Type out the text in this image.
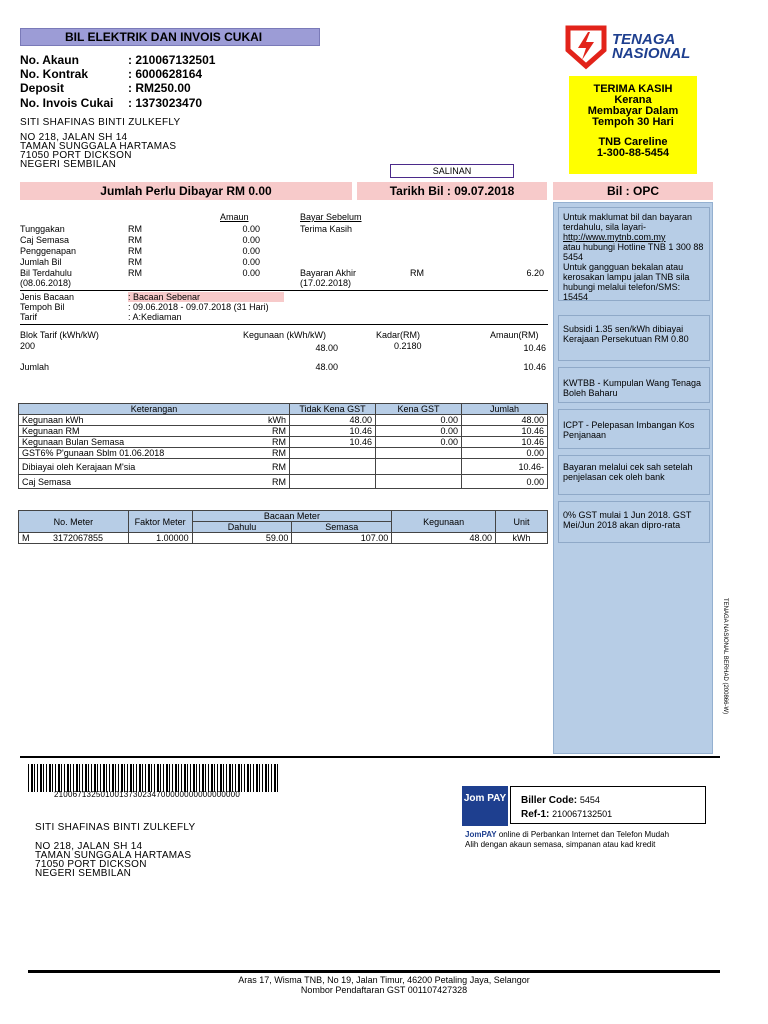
BIL ELEKTRIK DAN INVOIS CUKAI
No. Akaun	: 210067132501
No. Kontrak	: 6000628164
Deposit	: RM250.00
No. Invois Cukai : 1373023470
SITI SHAFINAS BINTI ZULKEFLY
NO 218, JALAN SH 14
TAMAN SUNGGALA HARTAMAS
71050 PORT DICKSON
NEGERI SEMBILAN
TENAGA
NASIONAL
TERIMA KASIH
Kerana
Membayar Dalam
Tempoh 30 Hari
TNB Careline
1-300-88-5454
SALINAN
Jumlah Perlu Dibayar RM 0.00	Tarikh Bil : 09.07.2018	Bil : OPC
Amaun	Bayar Sebelum
Terima Kasih
Tunggakan	RM	0.00
Caj Semasa	RM	0.00
Penggenapan	RM	0.00
Jumlah Bil	RM	0.00
Bil Terdahulu	RM	0.00
(08.06.2018)
Bayaran Akhir	RM	6.20
(17.02.2018)
Jenis Bacaan	: Bacaan Sebenar
Tempoh Bil	: 09.06.2018 - 09.07.2018 (31 Hari)
Tarif	: A:Kediaman
Blok Tarif (kWh/kW)	Kegunaan (kWh/kW)	Kadar(RM)	Amaun(RM)
200	48.00	0.2180	10.46
Jumlah	48.00	10.46
Keterangan		Tidak Kena GST	Kena GST	Jumlah
Kegunaan kWh	kWh	48.00	0.00	48.00
Kegunaan RM	RM	10.46	0.00	10.46
Kegunaan Bulan Semasa	RM	10.46	0.00	10.46
GST6% P'gunaan Sblm 01.06.2018	RM			0.00
Dibiayai oleh Kerajaan M'sia	RM			10.46-
Caj Semasa	RM			0.00
No. Meter	Faktor Meter	Bacaan Meter		Kegunaan	Unit
		Dahulu	Semasa		
M 3172067855	1.00000	59.00	107.00	48.00	kWh
Untuk maklumat bil dan bayaran terdahulu, sila layari-
http://www.mytnb.com.my
atau hubungi Hotline TNB 1 300 88 5454
Untuk gangguan bekalan atau kerosakan lampu jalan TNB sila hubungi melalui telefon/SMS: 15454
Subsidi 1.35 sen/kWh dibiayai Kerajaan Persekutuan RM 0.80
KWTBB - Kumpulan Wang Tenaga Boleh Baharu
ICPT - Pelepasan Imbangan Kos Penjanaan
Bayaran melalui cek sah setelah penjelasan cek oleh bank
0% GST mulai 1 Jun 2018. GST Mei/Jun 2018 akan dipro-rata
TENAGA NASIONAL BERHAD (200866-W)
2100671325010013730234700000000000000000
SITI SHAFINAS BINTI ZULKEFLY
NO 218, JALAN SH 14
TAMAN SUNGGALA HARTAMAS
71050 PORT DICKSON
NEGERI SEMBILAN
Jom PAY Biller Code: 5454
Ref-1: 210067132501
JomPAY online di Perbankan Internet dan Telefon Mudah
Alih dengan akaun semasa, simpanan atau kad kredit
Aras 17, Wisma TNB, No 19, Jalan Timur, 46200 Petaling Jaya, Selangor
Nombor Pendaftaran GST 001107427328
